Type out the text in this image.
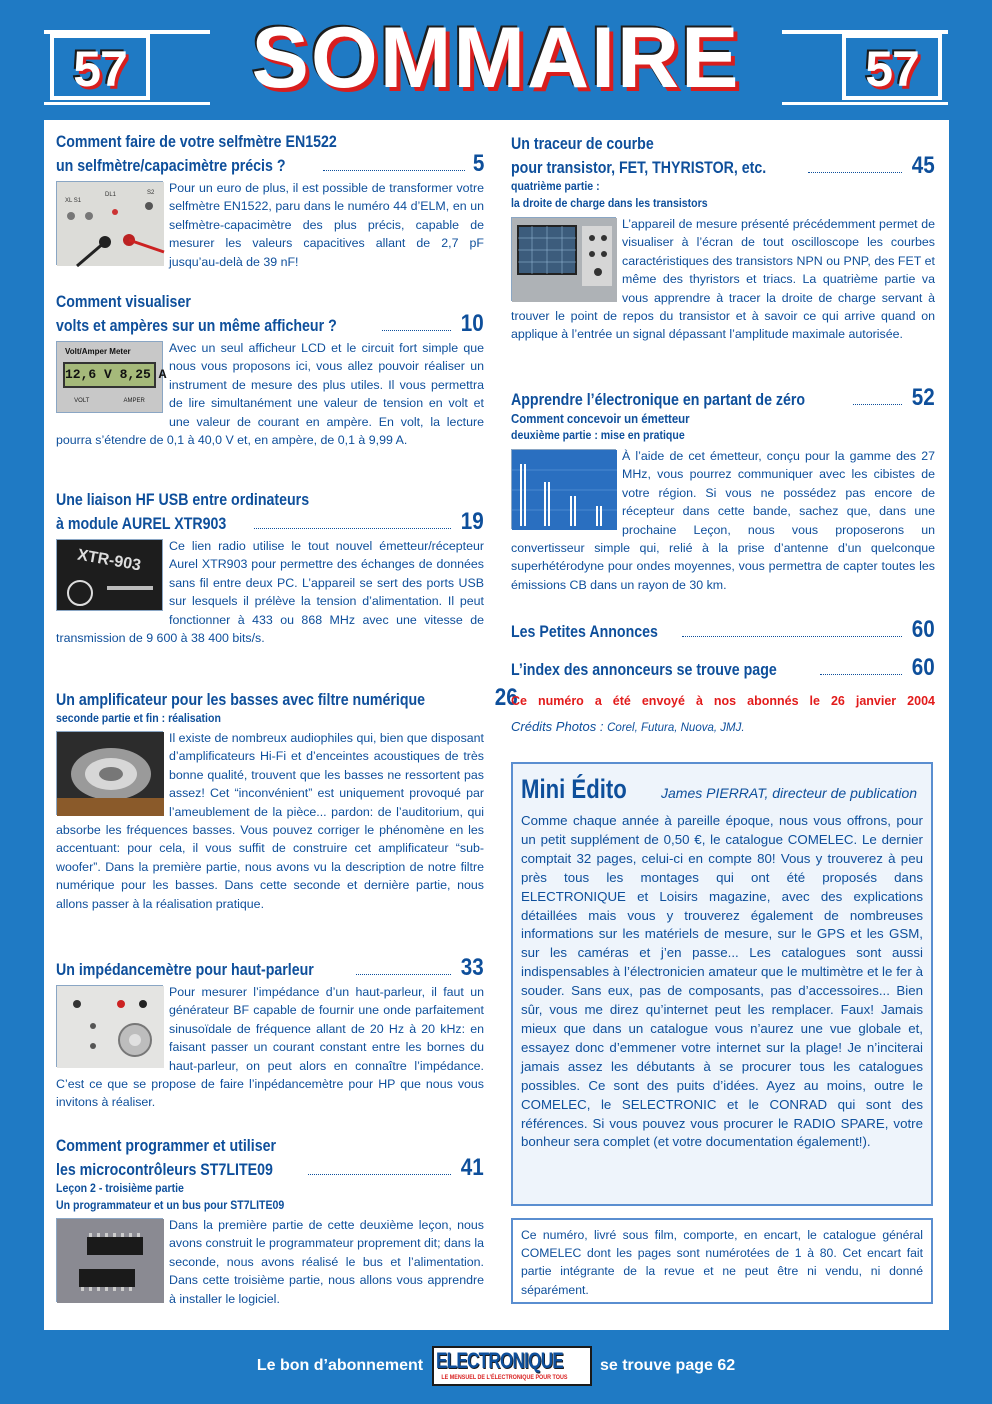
57	SOMMAIRE	57
Comment faire de votre selfmètre EN1522
un selfmètre/capacimètre précis ?	5
XL S1
DL1	S2	Pour un euro de plus, il est possible de transformer votre selfmètre EN1522, paru dans le numéro 44 d’ELM, en un selfmètre-capacimètre des plus précis, capable de mesurer les valeurs capacitives allant de 2,7 pF jusqu’au-delà de 39 nF!

Comment visualiser
volts et ampères sur un même afficheur ?	10
Volt/Amper Meter
12,6 V 8,25 A
VOLT	AMPER

Avec un seul afficheur LCD et le circuit fort simple que nous vous proposons ici, vous allez pouvoir réaliser un instrument de mesure des plus utiles. Il vous permettra de lire simultanément une valeur de tension en volt et une valeur de courant en ampère. En volt, la lecture pourra s’étendre de 0,1 à 40,0 V et, en ampère, de 0,1 à 9,99 A.

Une liaison HF USB entre ordinateurs
à module AUREL XTR903	19
XTR-903

Ce lien radio utilise le tout nouvel émetteur/récepteur Aurel XTR903 pour permettre des échanges de données sans fil entre deux PC. L’appareil se sert des ports USB sur lesquels il prélève la tension d’alimentation. Il peut fonctionner à 433 ou 868 MHz avec une vitesse de transmission de 9 600 à 38 400 bits/s.

Un amplificateur pour les basses avec filtre numérique	26
seconde partie et fin : réalisation

Il existe de nombreux audiophiles qui, bien que disposant d’amplificateurs Hi-Fi et d’enceintes acoustiques de très bonne qualité, trouvent que les basses ne ressortent pas assez! Cet “inconvénient” est uniquement provoqué par l’ameublement de la pièce... pardon: de l’auditorium, qui absorbe les fréquences basses. Vous pouvez corriger le phénomène en les accentuant: pour cela, il vous suffit de construire cet amplificateur “sub-woofer”. Dans la première partie, nous avons vu la description de notre filtre numérique pour les basses. Dans cette seconde et dernière partie, nous allons passer à la réalisation pratique.

Un impédancemètre pour haut-parleur	33

Pour mesurer l’impédance d’un haut-parleur, il faut un générateur BF capable de fournir une onde parfaitement sinusoïdale de fréquence allant de 20 Hz à 20 kHz: en faisant passer un courant constant entre les bornes du haut-parleur, on peut alors en connaître l’impédance. C’est ce que se propose de faire l’inpédancemètre pour HP que nous vous invitons à réaliser.

Comment programmer et utiliser
les microcontrôleurs ST7LITE09	41
Leçon 2 - troisième partie
Un programmateur et un bus pour ST7LITE09

Dans la première partie de cette deuxième leçon, nous avons construit le programmateur proprement dit; dans la seconde, nous avons réalisé le bus et l’alimentation. Dans cette troisième partie, nous allons vous apprendre à installer le logiciel.

Un traceur de courbe
pour transistor, FET, THYRISTOR, etc.	45
quatrième partie :
la droite de charge dans les transistors

L’appareil de mesure présenté précédemment permet de visualiser à l’écran de tout oscilloscope les courbes caractéristiques des transistors NPN ou PNP, des FET et même des thyristors et triacs. La quatrième partie va vous apprendre à tracer la droite de charge servant à trouver le point de repos du transistor et à savoir ce qui arrive quand on applique à l’entrée un signal dépassant l’amplitude maximale autorisée.

Apprendre l’électronique en partant de zéro	52
Comment concevoir un émetteur
deuxième partie : mise en pratique

À l’aide de cet émetteur, conçu pour la gamme des 27 MHz, vous pourrez communiquer avec les cibistes de votre région. Si vous ne possédez pas encore de récepteur dans cette bande, sachez que, dans une prochaine Leçon, nous vous proposerons un convertisseur simple qui, relié à la prise d’antenne d’un quelconque superhétérodyne pour ondes moyennes, vous permettra de capter toutes les émissions CB dans un rayon de 30 km.

Les Petites Annonces	60
L’index des annonceurs se trouve page	60
Ce numéro a été envoyé à nos abonnés le 26 janvier 2004
Crédits Photos : Corel, Futura, Nuova, JMJ.
Mini Édito James PIERRAT, directeur de publication

Comme chaque année à pareille époque, nous vous offrons, pour un petit supplément de 0,50 €, le catalogue COMELEC. Le dernier comptait 32 pages, celui-ci en compte 80! Vous y trouverez à peu près tous les montages qui ont été proposés dans ELECTRONIQUE et Loisirs magazine, avec des explications détaillées mais vous y trouverez également de nombreuses informations sur les matériels de mesure, sur le GPS et les GSM, sur les caméras et j’en passe... Les catalogues sont aussi indispensables à l’électronicien amateur que le multimètre et le fer à souder. Sans eux, pas de composants, pas d’accessoires... Bien sûr, vous me direz qu’internet peut les remplacer. Faux! Jamais mieux que dans un catalogue vous n’aurez une vue globale et, essayez donc d’emmener votre internet sur la plage! Je n’inciterai jamais assez les débutants à se procurer tous les catalogues possibles. Ce sont des puits d’idées. Ayez au moins, outre le COMELEC, le SELECTRONIC et le CONRAD qui sont des références. Si vous pouvez vous procurer le RADIO SPARE, votre bonheur sera complet (et votre documentation également!).

Ce numéro, livré sous film, comporte, en encart, le catalogue général COMELEC dont les pages sont numérotées de 1 à 80. Cet encart fait partie intégrante de la revue et ne peut être ni vendu, ni donné séparément.
Le bon d’abonnement ELECTRONIQUE
LE MENSUEL DE L’ÉLECTRONIQUE POUR TOUS
se trouve page 62
